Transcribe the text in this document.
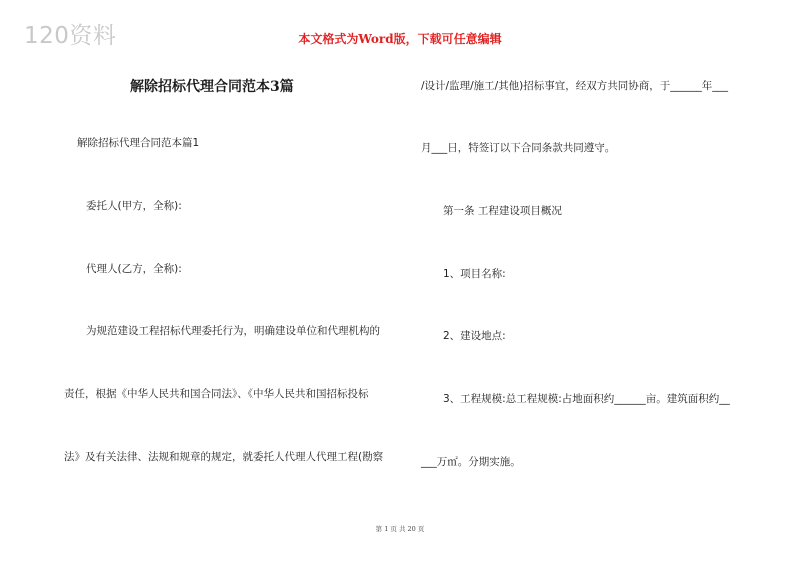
120资料	本文格式为Word版，下载可任意编辑
解除招标代理合同范本3篇
解除招标代理合同范本篇1
委托人(甲方，全称):
代理人(乙方，全称):
为规范建设工程招标代理委托行为，明确建设单位和代理机构的
责任，根据《中华人民共和国合同法》、《中华人民共和国招标投标
法》及有关法律、法规和规章的规定，就委托人代理人代理工程(勘察
/设计/监理/施工/其他)招标事宜，经双方共同协商，于______年___
月___日，特签订以下合同条款共同遵守。
第一条 工程建设项目概况
1、项目名称:
2、建设地点:
3、工程规模:总工程规模:占地面积约______亩。建筑面积约__
___万㎡。分期实施。
第 1 页 共 20 页
